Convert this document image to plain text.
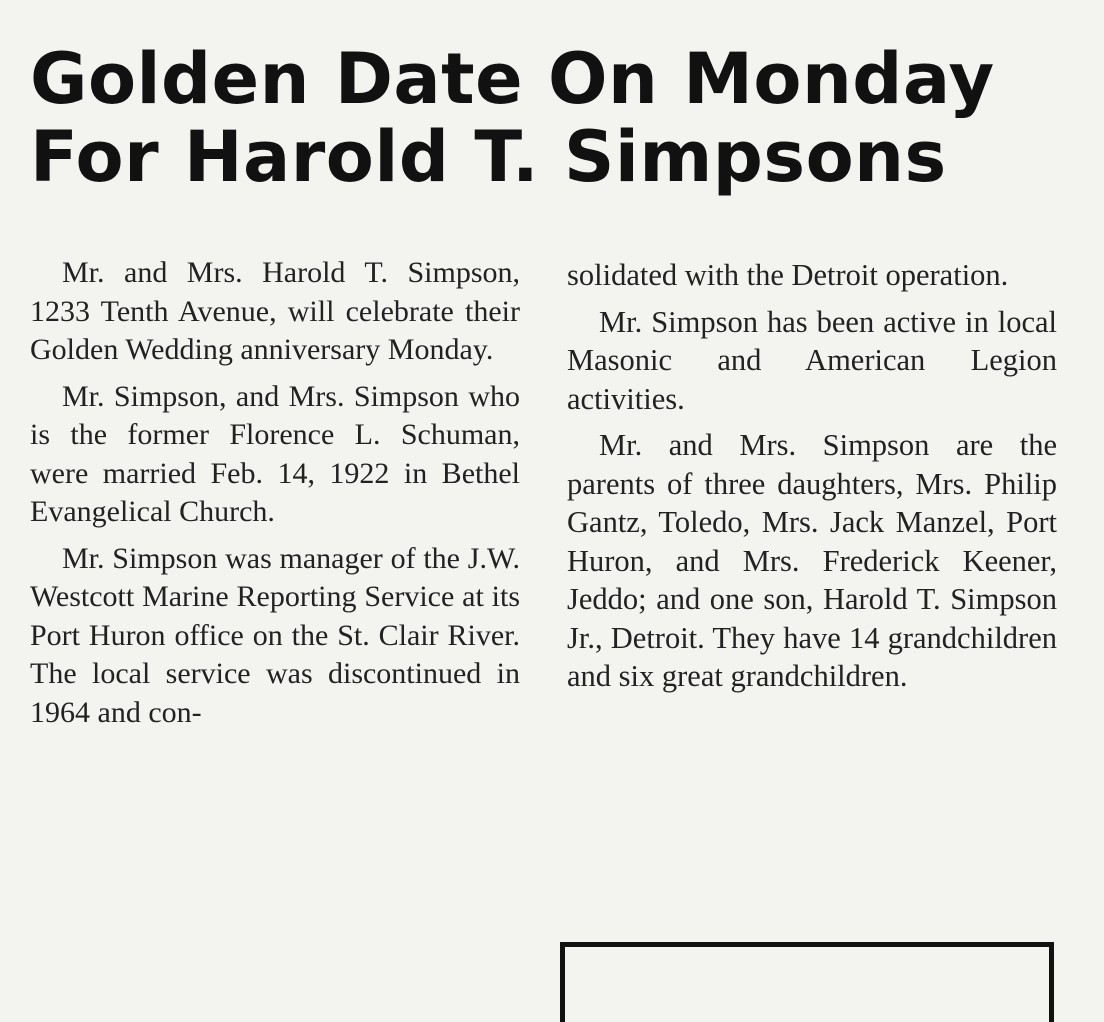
Golden Date On Monday
For Harold T. Simpsons

Mr. and Mrs. Harold T. Simpson, 1233 Tenth Avenue, will celebrate their Golden Wedding anniversary Monday.

Mr. Simpson, and Mrs. Simpson who is the former Florence L. Schuman, were married Feb. 14, 1922 in Bethel Evangelical Church.

Mr. Simpson was manager of the J.W. Westcott Marine Reporting Service at its Port Huron office on the St. Clair River. The local service was discontinued in 1964 and con-

solidated with the Detroit operation.

Mr. Simpson has been active in local Masonic and American Legion activities.

Mr. and Mrs. Simpson are the parents of three daughters, Mrs. Philip Gantz, Toledo, Mrs. Jack Manzel, Port Huron, and Mrs. Frederick Keener, Jeddo; and one son, Harold T. Simpson Jr., Detroit. They have 14 grandchildren and six great grandchildren.
